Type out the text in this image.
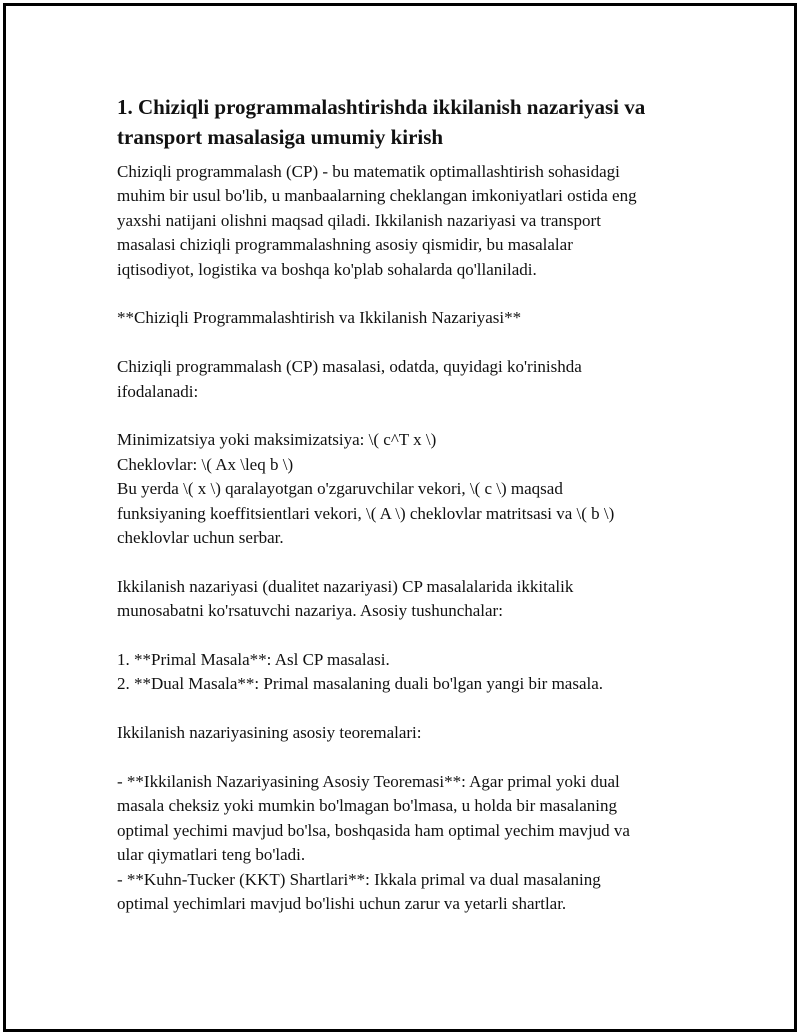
1. Chiziqli programmalashtirishda ikkilanish nazariyasi va
transport masalasiga umumiy kirish

Chiziqli programmalash (CP) - bu matematik optimallashtirish sohasidagi

muhim bir usul bo'lib, u manbaalarning cheklangan imkoniyatlari ostida eng

yaxshi natijani olishni maqsad qiladi. Ikkilanish nazariyasi va transport

masalasi chiziqli programmalashning asosiy qismidir, bu masalalar

iqtisodiyot, logistika va boshqa ko'plab sohalarda qo'llaniladi.

**Chiziqli Programmalashtirish va Ikkilanish Nazariyasi**

Chiziqli programmalash (CP) masalasi, odatda, quyidagi ko'rinishda

ifodalanadi:

Minimizatsiya yoki maksimizatsiya: \( c^T x \)

Cheklovlar: \( Ax \leq b \)

Bu yerda \( x \) qaralayotgan o'zgaruvchilar vekori, \( c \) maqsad

funksiyaning koeffitsientlari vekori, \( A \) cheklovlar matritsasi va \( b \)

cheklovlar uchun serbar.

Ikkilanish nazariyasi (dualitet nazariyasi) CP masalalarida ikkitalik

munosabatni ko'rsatuvchi nazariya. Asosiy tushunchalar:

1. **Primal Masala**: Asl CP masalasi.

2. **Dual Masala**: Primal masalaning duali bo'lgan yangi bir masala.

Ikkilanish nazariyasining asosiy teoremalari:

- **Ikkilanish Nazariyasining Asosiy Teoremasi**: Agar primal yoki dual

masala cheksiz yoki mumkin bo'lmagan bo'lmasa, u holda bir masalaning

optimal yechimi mavjud bo'lsa, boshqasida ham optimal yechim mavjud va

ular qiymatlari teng bo'ladi.

- **Kuhn-Tucker (KKT) Shartlari**: Ikkala primal va dual masalaning

optimal yechimlari mavjud bo'lishi uchun zarur va yetarli shartlar.
